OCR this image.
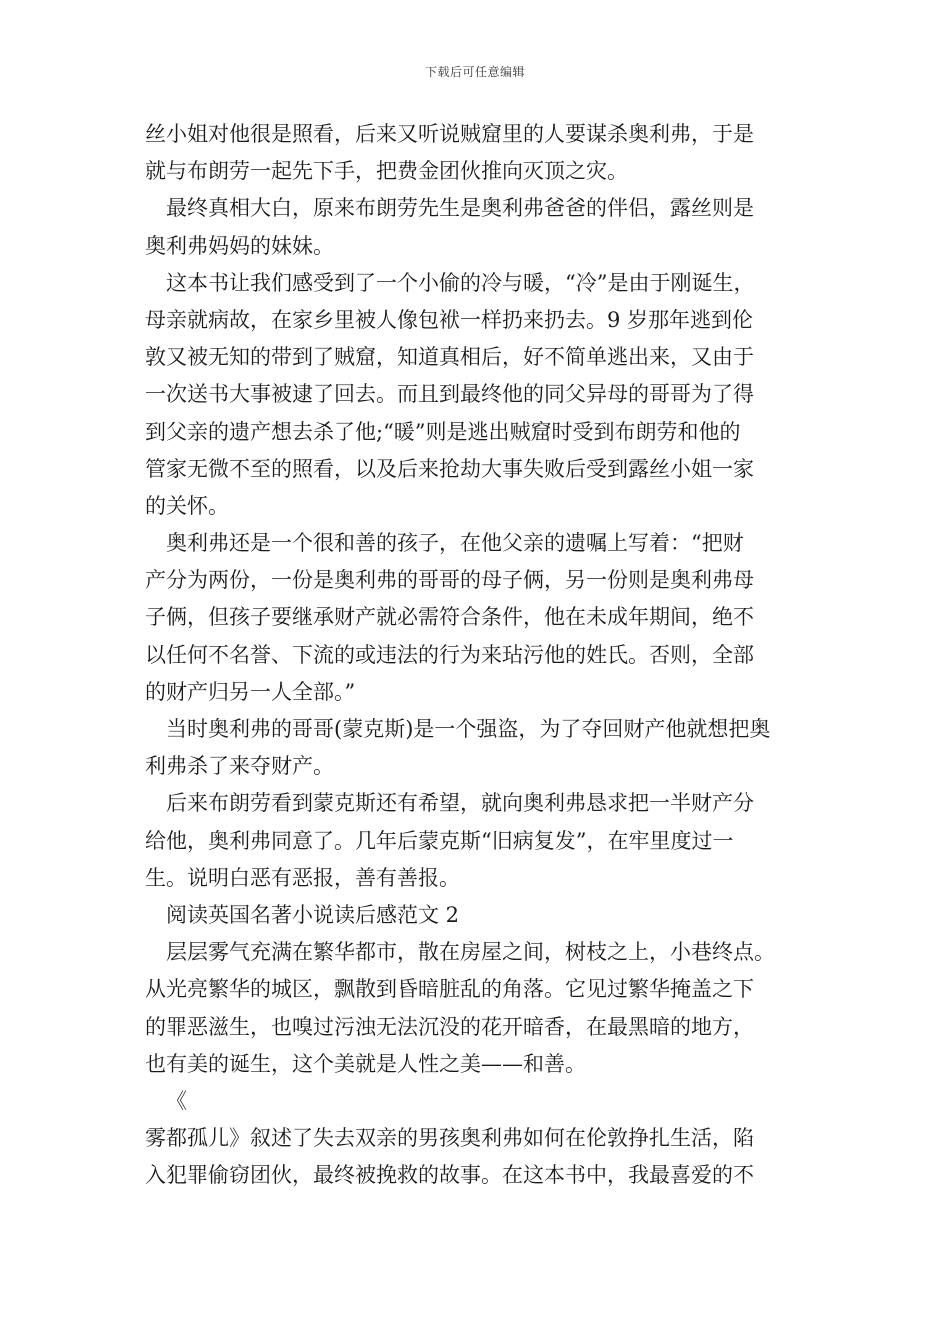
下载后可任意编辑
丝小姐对他很是照看，后来又听说贼窟里的人要谋杀奥利弗，于是
就与布朗劳一起先下手，把费金团伙推向灭顶之灾。
最终真相大白，原来布朗劳先生是奥利弗爸爸的伴侣，露丝则是
奥利弗妈妈的妹妹。
这本书让我们感受到了一个小偷的冷与暖，“冷”是由于刚诞生，
母亲就病故，在家乡里被人像包袱一样扔来扔去。9 岁那年逃到伦
敦又被无知的带到了贼窟，知道真相后，好不简单逃出来，又由于
一次送书大事被逮了回去。而且到最终他的同父异母的哥哥为了得
到父亲的遗产想去杀了他;“暖”则是逃出贼窟时受到布朗劳和他的
管家无微不至的照看，以及后来抢劫大事失败后受到露丝小姐一家
的关怀。
奥利弗还是一个很和善的孩子，在他父亲的遗嘱上写着：“把财
产分为两份，一份是奥利弗的哥哥的母子俩，另一份则是奥利弗母
子俩，但孩子要继承财产就必需符合条件，他在未成年期间，绝不
以任何不名誉、下流的或违法的行为来玷污他的姓氏。否则，全部
的财产归另一人全部。”
当时奥利弗的哥哥(蒙克斯)是一个强盗，为了夺回财产他就想把奥
利弗杀了来夺财产。
后来布朗劳看到蒙克斯还有希望，就向奥利弗恳求把一半财产分
给他，奥利弗同意了。几年后蒙克斯“旧病复发”，在牢里度过一
生。说明白恶有恶报，善有善报。
阅读英国名著小说读后感范文 2
层层雾气充满在繁华都市，散在房屋之间，树枝之上，小巷终点。
从光亮繁华的城区，飘散到昏暗脏乱的角落。它见过繁华掩盖之下
的罪恶滋生，也嗅过污浊无法沉没的花开暗香，在最黑暗的地方，
也有美的诞生，这个美就是人性之美——和善。
《
雾都孤儿》叙述了失去双亲的男孩奥利弗如何在伦敦挣扎生活，陷
入犯罪偷窃团伙，最终被挽救的故事。在这本书中，我最喜爱的不
